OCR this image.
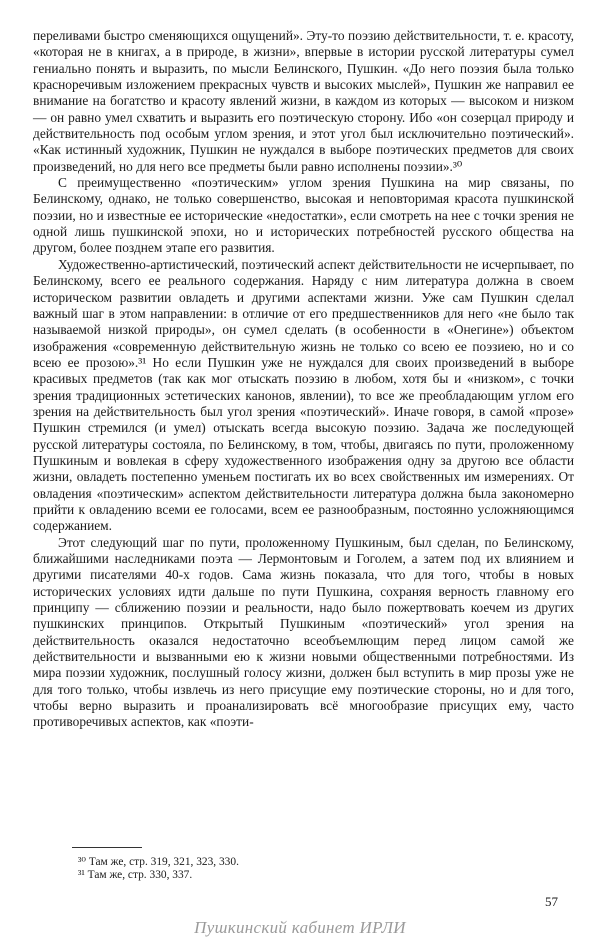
переливами быстро сменяющихся ощущений». Эту-то поэзию действительности, т. е. красоту, «которая не в книгах, а в природе, в жизни», впервые в истории русской литературы сумел гениально понять и выразить, по мысли Белинского, Пушкин. «До него поэзия была только красноречивым изложением прекрасных чувств и высоких мыслей», Пушкин же направил ее внимание на богатство и красоту явлений жизни, в каждом из которых — высоком и низком — он равно умел схватить и выразить его поэтическую сторону. Ибо «он созерцал природу и действительность под особым углом зрения, и этот угол был исключительно поэтический». «Как истинный художник, Пушкин не нуждался в выборе поэтических предметов для своих произведений, но для него все предметы были равно исполнены поэзии».³⁰

С преимущественно «поэтическим» углом зрения Пушкина на мир связаны, по Белинскому, однако, не только совершенство, высокая и неповторимая красота пушкинской поэзии, но и известные ее исторические «недостатки», если смотреть на нее с точки зрения не одной лишь пушкинской эпохи, но и исторических потребностей русского общества на другом, более позднем этапе его развития.

Художественно-артистический, поэтический аспект действительности не исчерпывает, по Белинскому, всего ее реального содержания. Наряду с ним литература должна в своем историческом развитии овладеть и другими аспектами жизни. Уже сам Пушкин сделал важный шаг в этом направлении: в отличие от его предшественников для него «не было так называемой низкой природы», он сумел сделать (в особенности в «Онегине») объектом изображения «современную действительную жизнь не только со всею ее поэзиею, но и со всею ее прозою».³¹ Но если Пушкин уже не нуждался для своих произведений в выборе красивых предметов (так как мог отыскать поэзию в любом, хотя бы и «низком», с точки зрения традиционных эстетических канонов, явлении), то все же преобладающим углом его зрения на действительность был угол зрения «поэтический». Иначе говоря, в самой «прозе» Пушкин стремился (и умел) отыскать всегда высокую поэзию. Задача же последующей русской литературы состояла, по Белинскому, в том, чтобы, двигаясь по пути, проложенному Пушкиным и вовлекая в сферу художественного изображения одну за другою все области жизни, овладеть постепенно уменьем постигать их во всех свойственных им измерениях. От овладения «поэтическим» аспектом действительности литература должна была закономерно прийти к овладению всеми ее голосами, всем ее разнообразным, постоянно усложняющимся содержанием.

Этот следующий шаг по пути, проложенному Пушкиным, был сделан, по Белинскому, ближайшими наследниками поэта — Лермонтовым и Гоголем, а затем под их влиянием и другими писателями 40-х годов. Сама жизнь показала, что для того, чтобы в новых исторических условиях идти дальше по пути Пушкина, сохраняя верность главному его принципу — сближению поэзии и реальности, надо было пожертвовать коечем из других пушкинских принципов. Открытый Пушкиным «поэтический» угол зрения на действительность оказался недостаточно всеобъемлющим перед лицом самой же действительности и вызванными ею к жизни новыми общественными потребностями. Из мира поэзии художник, послушный голосу жизни, должен был вступить в мир прозы уже не для того только, чтобы извлечь из него присущие ему поэтические стороны, но и для того, чтобы верно выразить и проанализировать всё многообразие присущих ему, часто противоречивых аспектов, как «поэти-

³⁰ Там же, стр. 319, 321, 323, 330.
³¹ Там же, стр. 330, 337.
57
Пушкинский кабинет ИРЛИ
